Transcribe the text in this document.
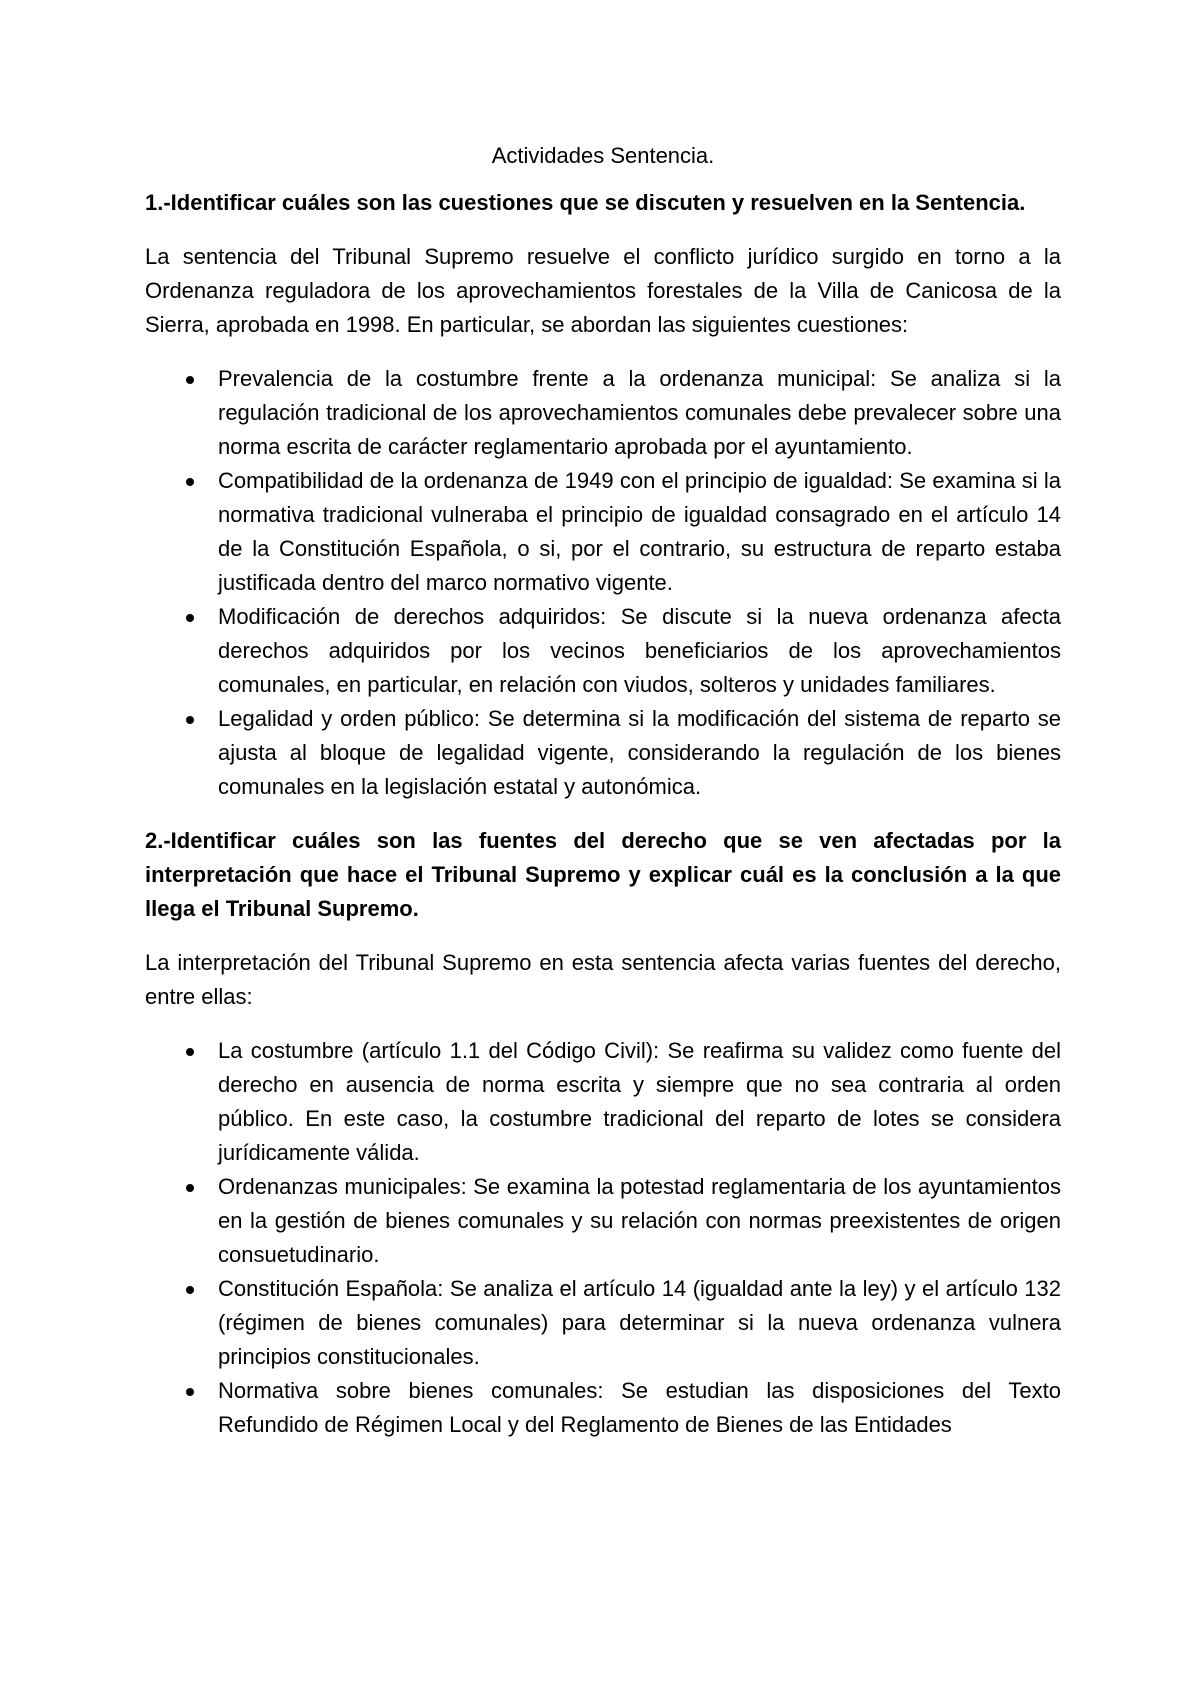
Actividades Sentencia.
1.-Identificar cuáles son las cuestiones que se discuten y resuelven en la Sentencia.
La sentencia del Tribunal Supremo resuelve el conflicto jurídico surgido en torno a la Ordenanza reguladora de los aprovechamientos forestales de la Villa de Canicosa de la Sierra, aprobada en 1998. En particular, se abordan las siguientes cuestiones:
Prevalencia de la costumbre frente a la ordenanza municipal: Se analiza si la regulación tradicional de los aprovechamientos comunales debe prevalecer sobre una norma escrita de carácter reglamentario aprobada por el ayuntamiento.
Compatibilidad de la ordenanza de 1949 con el principio de igualdad: Se examina si la normativa tradicional vulneraba el principio de igualdad consagrado en el artículo 14 de la Constitución Española, o si, por el contrario, su estructura de reparto estaba justificada dentro del marco normativo vigente.
Modificación de derechos adquiridos: Se discute si la nueva ordenanza afecta derechos adquiridos por los vecinos beneficiarios de los aprovechamientos comunales, en particular, en relación con viudos, solteros y unidades familiares.
Legalidad y orden público: Se determina si la modificación del sistema de reparto se ajusta al bloque de legalidad vigente, considerando la regulación de los bienes comunales en la legislación estatal y autonómica.
2.-Identificar cuáles son las fuentes del derecho que se ven afectadas por la interpretación que hace el Tribunal Supremo y explicar cuál es la conclusión a la que llega el Tribunal Supremo.
La interpretación del Tribunal Supremo en esta sentencia afecta varias fuentes del derecho, entre ellas:
La costumbre (artículo 1.1 del Código Civil): Se reafirma su validez como fuente del derecho en ausencia de norma escrita y siempre que no sea contraria al orden público. En este caso, la costumbre tradicional del reparto de lotes se considera jurídicamente válida.
Ordenanzas municipales: Se examina la potestad reglamentaria de los ayuntamientos en la gestión de bienes comunales y su relación con normas preexistentes de origen consuetudinario.
Constitución Española: Se analiza el artículo 14 (igualdad ante la ley) y el artículo 132 (régimen de bienes comunales) para determinar si la nueva ordenanza vulnera principios constitucionales.
Normativa sobre bienes comunales: Se estudian las disposiciones del Texto Refundido de Régimen Local y del Reglamento de Bienes de las Entidades
